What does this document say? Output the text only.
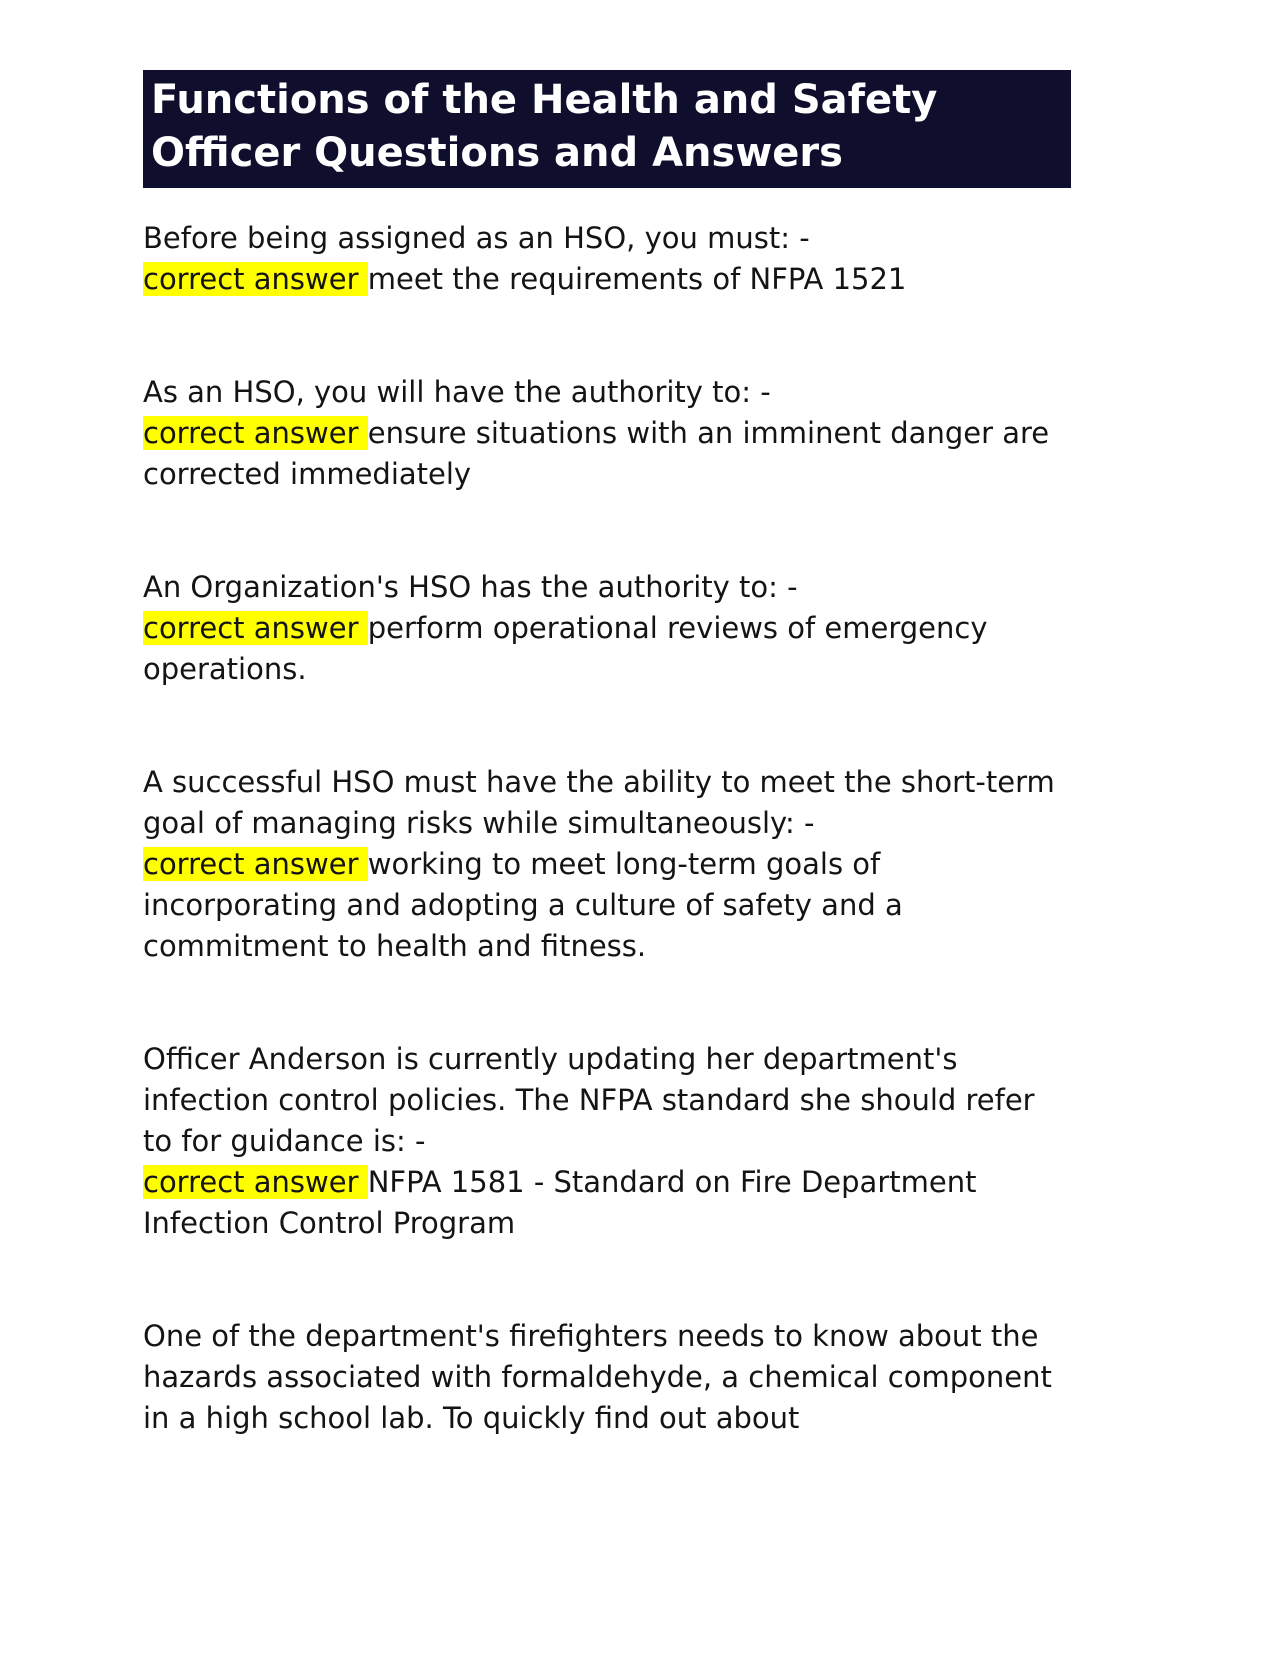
Functions of the Health and Safety Officer Questions and Answers

Before being assigned as an HSO, you must: -
correct answer meet the requirements of NFPA 1521

As an HSO, you will have the authority to: -
correct answer ensure situations with an imminent danger are corrected immediately

An Organization's HSO has the authority to: -
correct answer perform operational reviews of emergency operations.

A successful HSO must have the ability to meet the short-term goal of managing risks while simultaneously: -
correct answer working to meet long-term goals of incorporating and adopting a culture of safety and a commitment to health and fitness.

Officer Anderson is currently updating her department's infection control policies. The NFPA standard she should refer to for guidance is: -
correct answer NFPA 1581 - Standard on Fire Department Infection Control Program

One of the department's firefighters needs to know about the hazards associated with formaldehyde, a chemical component in a high school lab. To quickly find out about
